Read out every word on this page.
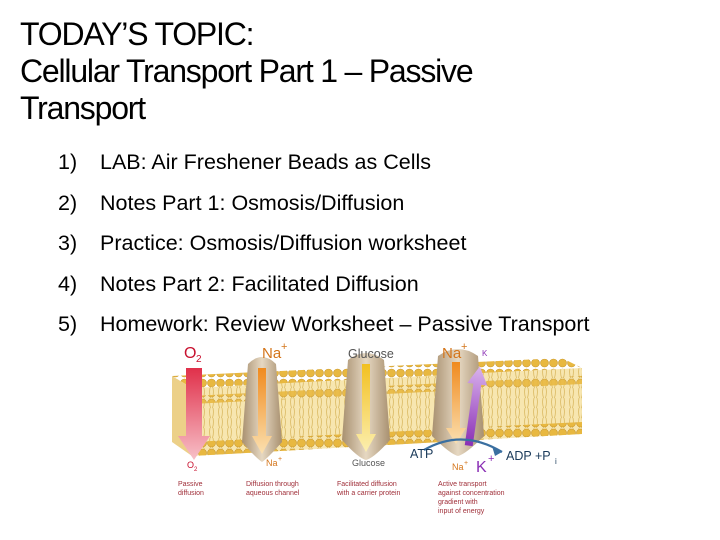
TODAY’S TOPIC:
Cellular Transport Part 1 – Passive
Transport
1)	LAB: Air Freshener Beads as Cells
2)	Notes Part 1: Osmosis/Diffusion
3)	Practice: Osmosis/Diffusion worksheet
4)	Notes Part 2: Facilitated Diffusion
5)	Homework: Review Worksheet – Passive Transport
O 2	Na +	Glucose	Na +
K
O 2
Na +	Glucose
ATP
Na + K + ADP +P i
Passive
diffusion
Diffusion through
aqueous channel
Facilitated diffusion
with a carrier protein
Active transport
against concentration
gradient with
input of energy
